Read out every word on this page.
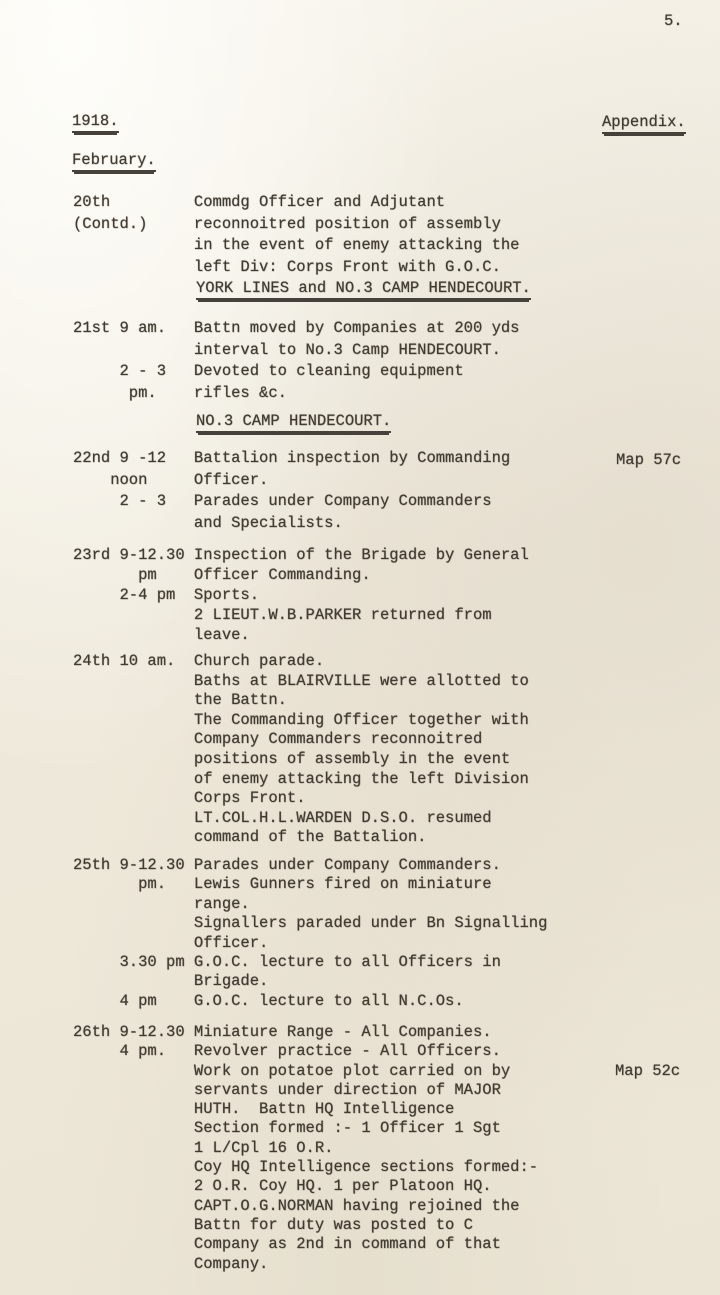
5.
1918.	Appendix.
February.
20th         Commdg Officer and Adjutant
(Contd.)     reconnoitred position of assembly
in the event of enemy attacking the
left Div: Corps Front with G.O.C.
YORK LINES and NO.3 CAMP HENDECOURT.
21st 9 am.   Battn moved by Companies at 200 yds
interval to No.3 Camp HENDECOURT.
2 - 3   Devoted to cleaning equipment
pm.    rifles &c.
NO.3 CAMP HENDECOURT.
22nd 9 -12   Battalion inspection by Commanding
noon     Officer.
2 - 3   Parades under Company Commanders
and Specialists.
Map 57c
23rd 9-12.30 Inspection of the Brigade by General
pm    Officer Commanding.
2-4 pm  Sports.
2 LIEUT.W.B.PARKER returned from
leave.
24th 10 am.  Church parade.
Baths at BLAIRVILLE were allotted to
the Battn.
The Commanding Officer together with
Company Commanders reconnoitred
positions of assembly in the event
of enemy attacking the left Division
Corps Front.
LT.COL.H.L.WARDEN D.S.O. resumed
command of the Battalion.
25th 9-12.30 Parades under Company Commanders.
pm.   Lewis Gunners fired on miniature
range.
Signallers paraded under Bn Signalling
Officer.
3.30 pm G.O.C. lecture to all Officers in
Brigade.
4 pm    G.O.C. lecture to all N.C.Os.
26th 9-12.30 Miniature Range - All Companies.
4 pm.   Revolver practice - All Officers.
Work on potatoe plot carried on by
servants under direction of MAJOR
HUTH.  Battn HQ Intelligence
Section formed :- 1 Officer 1 Sgt
1 L/Cpl 16 O.R.
Coy HQ Intelligence sections formed:-
2 O.R. Coy HQ. 1 per Platoon HQ.
CAPT.O.G.NORMAN having rejoined the
Battn for duty was posted to C
Company as 2nd in command of that
Company.
Map 52c
